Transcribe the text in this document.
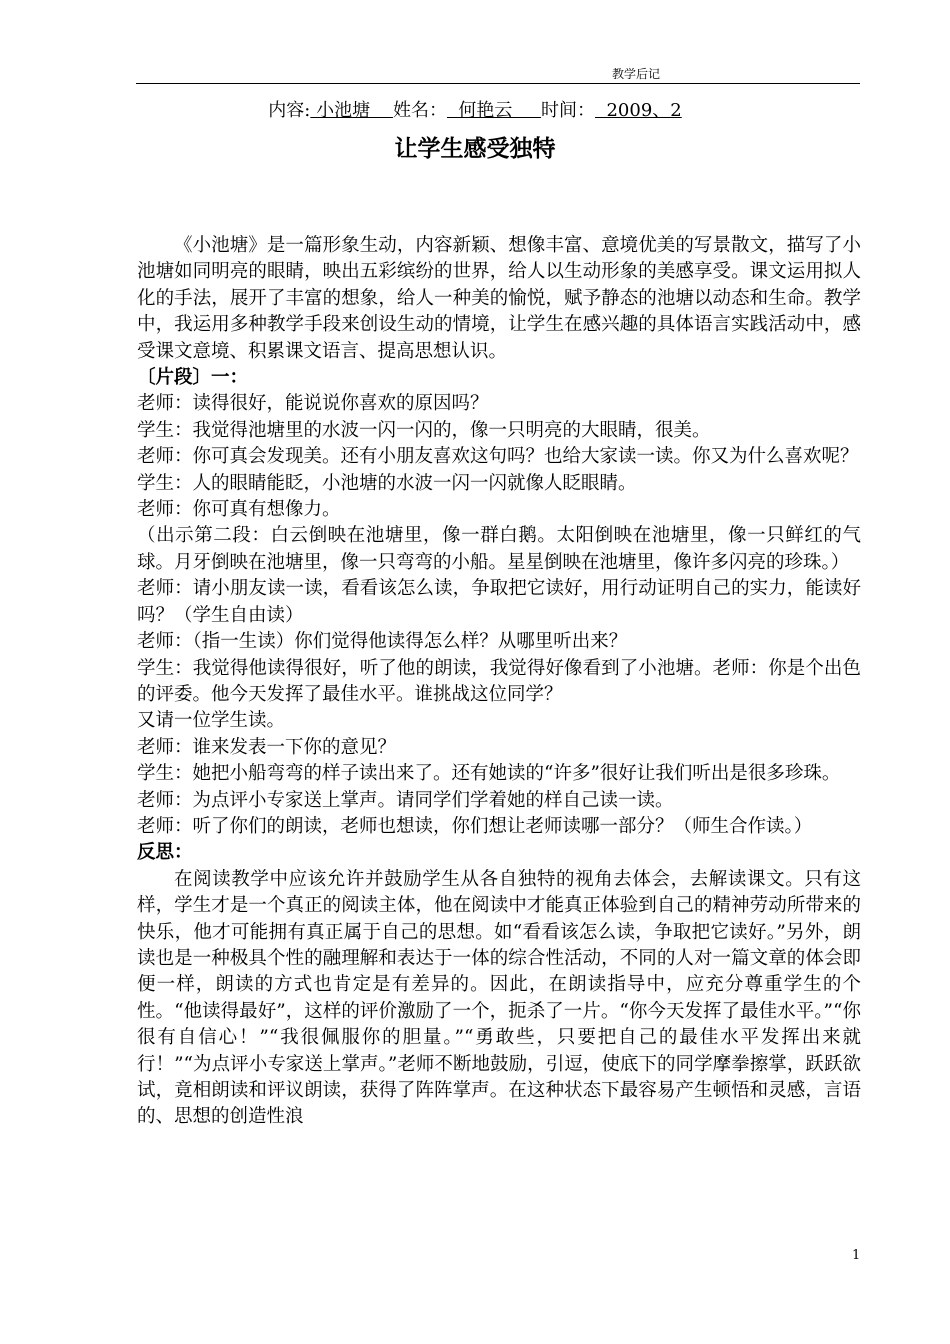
教学后记
内容: 小池塘    姓名：  何艳云     时间：  2009、2
让学生感受独特

《小池塘》是一篇形象生动，内容新颖、想像丰富、意境优美的写景散文，描写了小池塘如同明亮的眼睛，映出五彩缤纷的世界，给人以生动形象的美感享受。课文运用拟人化的手法，展开了丰富的想象，给人一种美的愉悦，赋予静态的池塘以动态和生命。教学中，我运用多种教学手段来创设生动的情境，让学生在感兴趣的具体语言实践活动中，感受课文意境、积累课文语言、提高思想认识。

〔片段〕一：

老师：读得很好，能说说你喜欢的原因吗？

学生：我觉得池塘里的水波一闪一闪的，像一只明亮的大眼睛，很美。

老师：你可真会发现美。还有小朋友喜欢这句吗？也给大家读一读。你又为什么喜欢呢？

学生：人的眼睛能眨，小池塘的水波一闪一闪就像人眨眼睛。

老师：你可真有想像力。

（出示第二段：白云倒映在池塘里，像一群白鹅。太阳倒映在池塘里，像一只鲜红的气球。月牙倒映在池塘里，像一只弯弯的小船。星星倒映在池塘里，像许多闪亮的珍珠。）

老师：请小朋友读一读，看看该怎么读，争取把它读好，用行动证明自己的实力，能读好吗？（学生自由读）

老师：（指一生读）你们觉得他读得怎么样？从哪里听出来？

学生：我觉得他读得很好，听了他的朗读，我觉得好像看到了小池塘。老师：你是个出色的评委。他今天发挥了最佳水平。谁挑战这位同学？

又请一位学生读。

老师：谁来发表一下你的意见？

学生：她把小船弯弯的样子读出来了。还有她读的“许多”很好让我们听出是很多珍珠。

老师：为点评小专家送上掌声。请同学们学着她的样自己读一读。

老师：听了你们的朗读，老师也想读，你们想让老师读哪一部分？（师生合作读。）

反思：

在阅读教学中应该允许并鼓励学生从各自独特的视角去体会，去解读课文。只有这样，学生才是一个真正的阅读主体，他在阅读中才能真正体验到自己的精神劳动所带来的快乐，他才可能拥有真正属于自己的思想。如“看看该怎么读，争取把它读好。”另外，朗读也是一种极具个性的融理解和表达于一体的综合性活动，不同的人对一篇文章的体会即便一样，朗读的方式也肯定是有差异的。因此，在朗读指导中，应充分尊重学生的个性。“他读得最好”，这样的评价激励了一个，扼杀了一片。“你今天发挥了最佳水平。”“你很有自信心！”“我很佩服你的胆量。”“勇敢些，只要把自己的最佳水平发挥出来就行！”“为点评小专家送上掌声。”老师不断地鼓励，引逗，使底下的同学摩拳擦掌，跃跃欲试，竟相朗读和评议朗读，获得了阵阵掌声。在这种状态下最容易产生顿悟和灵感，言语的、思想的创造性浪

1
